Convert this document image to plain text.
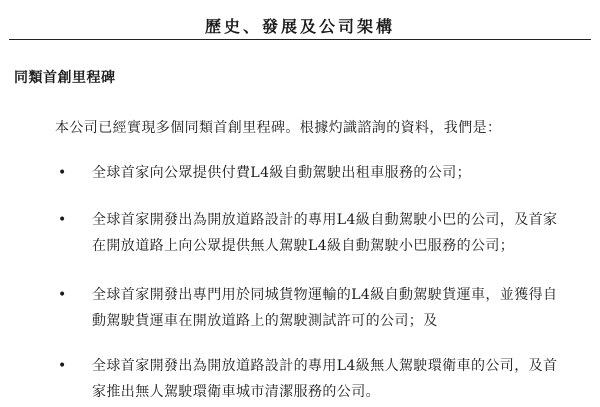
歷史、發展及公司架構
同類首創里程碑
本公司已經實現多個同類首創里程碑。根據灼識諮詢的資料，我們是：
• 全球首家向公眾提供付費L4級自動駕駛出租車服務的公司；
• 全球首家開發出為開放道路設計的專用L4級自動駕駛小巴的公司，及首家
在開放道路上向公眾提供無人駕駛L4級自動駕駛小巴服務的公司；
• 全球首家開發出專門用於同城貨物運輸的L4級自動駕駛貨運車，並獲得自
動駕駛貨運車在開放道路上的駕駛測試許可的公司；及
• 全球首家開發出為開放道路設計的專用L4級無人駕駛環衛車的公司，及首
家推出無人駕駛環衛車城市清潔服務的公司。
